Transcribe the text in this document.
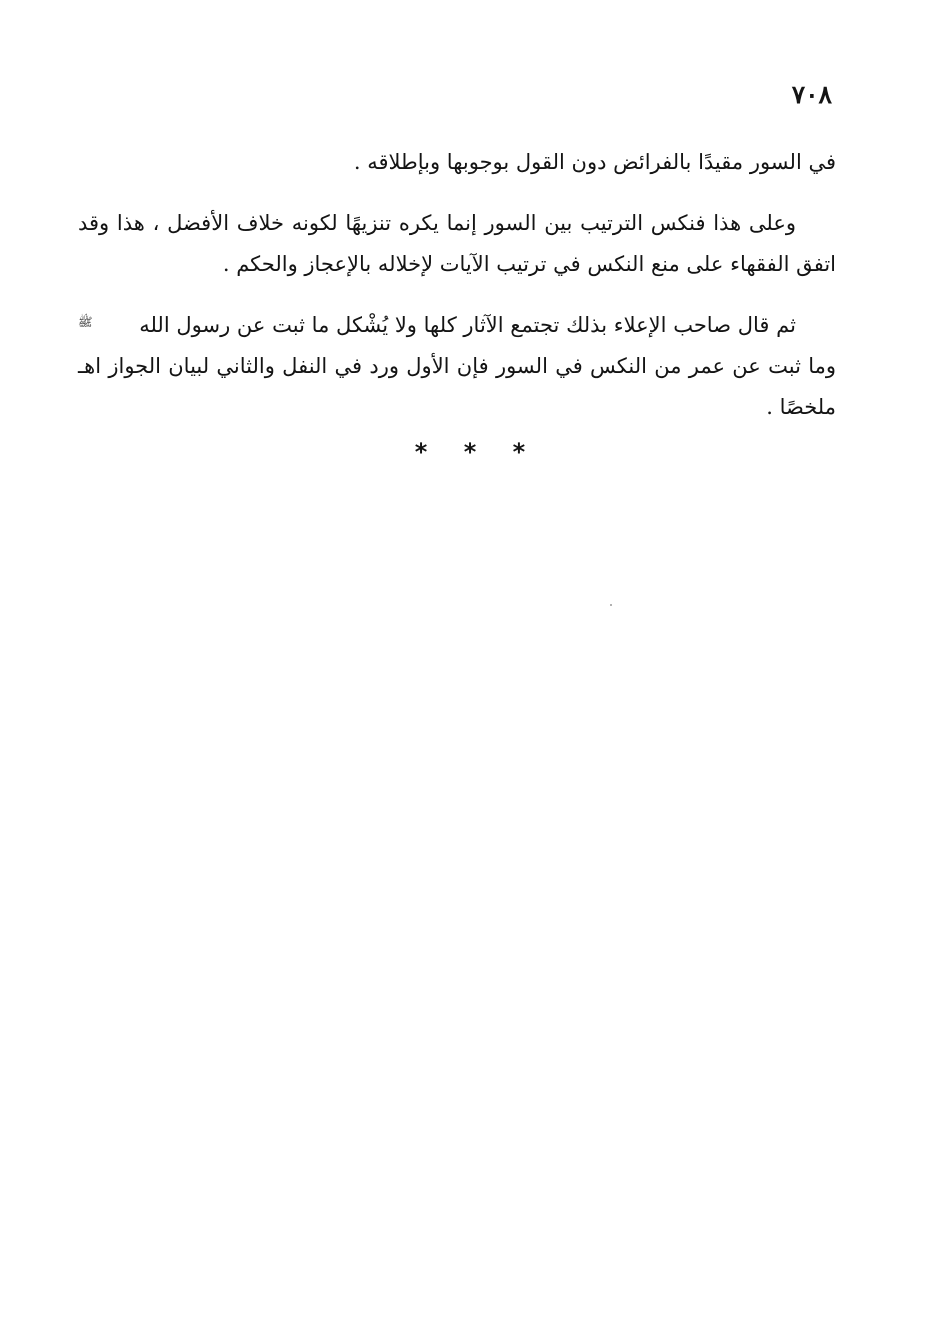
٧٠٨

في السور مقيدًا بالفرائض دون القول بوجوبها وبإطلاقه .

وعلى هذا فنكس الترتيب بين السور إنما يكره تنزيهًا لكونه خلاف الأفضل ، هذا وقد اتفق الفقهاء على منع النكس في ترتيب الآيات لإخلاله بالإعجاز والحكم .

ثم قال صاحب الإعلاء بذلك تجتمع الآثار كلها ولا يُشْكل ما ثبت عن رسول الله ﷺ وما ثبت عن عمر من النكس في السور فإن الأول ورد في النفل والثاني لبيان الجواز اهـ ملخصًا .

* * *
